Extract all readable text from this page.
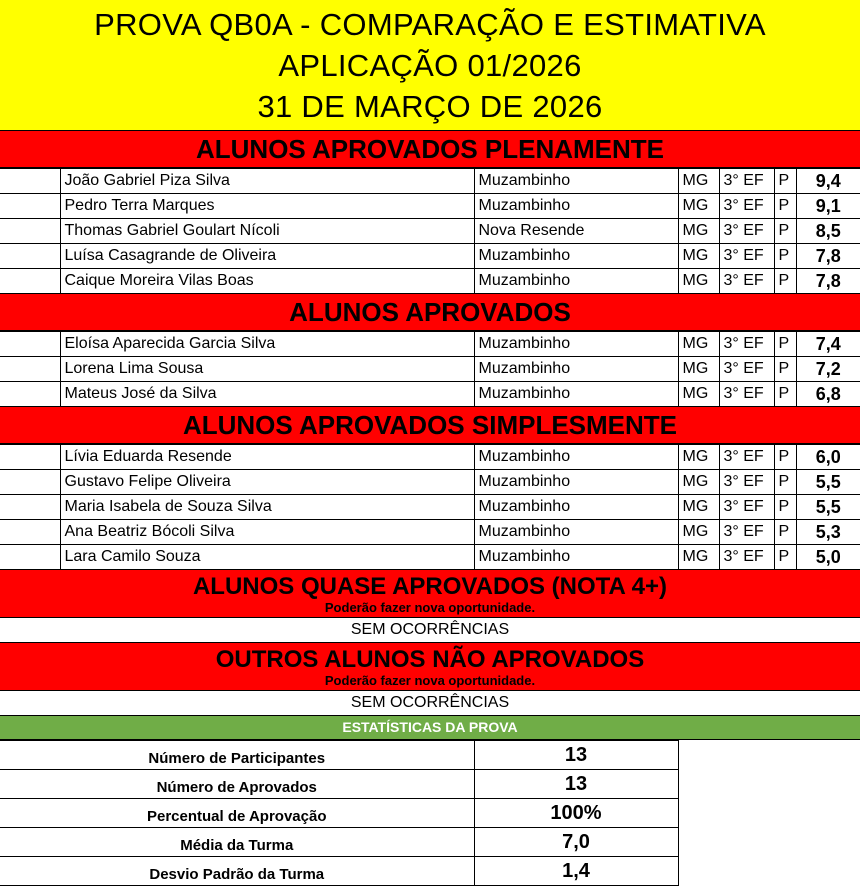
PROVA QB0A - COMPARAÇÃO E ESTIMATIVA
APLICAÇÃO 01/2026
31 DE MARÇO DE 2026
ALUNOS APROVADOS PLENAMENTE
	João Gabriel Piza Silva	Muzambinho	MG	3° EF	P	9,4
	Pedro Terra Marques	Muzambinho	MG	3° EF	P	9,1
	Thomas Gabriel Goulart Nícoli	Nova Resende	MG	3° EF	P	8,5
	Luísa Casagrande de Oliveira	Muzambinho	MG	3° EF	P	7,8
	Caique Moreira Vilas Boas	Muzambinho	MG	3° EF	P	7,8
ALUNOS APROVADOS
	Eloísa Aparecida Garcia Silva	Muzambinho	MG	3° EF	P	7,4
	Lorena Lima Sousa	Muzambinho	MG	3° EF	P	7,2
	Mateus José da Silva	Muzambinho	MG	3° EF	P	6,8
ALUNOS APROVADOS SIMPLESMENTE
	Lívia Eduarda Resende	Muzambinho	MG	3° EF	P	6,0
	Gustavo Felipe Oliveira	Muzambinho	MG	3° EF	P	5,5
	Maria Isabela de Souza Silva	Muzambinho	MG	3° EF	P	5,5
	Ana Beatriz Bócoli Silva	Muzambinho	MG	3° EF	P	5,3
	Lara Camilo Souza	Muzambinho	MG	3° EF	P	5,0
ALUNOS QUASE APROVADOS (NOTA 4+)
Poderão fazer nova oportunidade.
SEM OCORRÊNCIAS
OUTROS ALUNOS NÃO APROVADOS
Poderão fazer nova oportunidade.
SEM OCORRÊNCIAS
ESTATÍSTICAS DA PROVA
Número de Participantes	13	
Número de Aprovados	13	
Percentual de Aprovação	100%	
Média da Turma	7,0	
Desvio Padrão da Turma	1,4	
